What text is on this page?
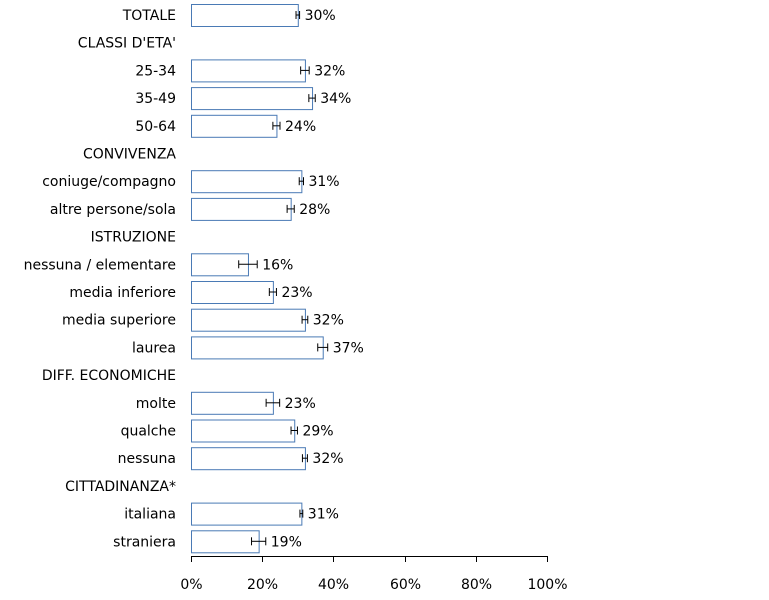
TOTALE	30%
CLASSI D'ETA'
25-34	32%
35-49	34%
50-64	24%
CONVIVENZA
coniuge/compagno	31%
altre persone/sola	28%
ISTRUZIONE
nessuna / elementare	16%
media inferiore	23%
media superiore	32%
laurea	37%
DIFF. ECONOMICHE
molte	23%
qualche	29%
nessuna	32%
CITTADINANZA*
italiana	31%
straniera	19%
0%	20%	40%	60%	80%	100%
